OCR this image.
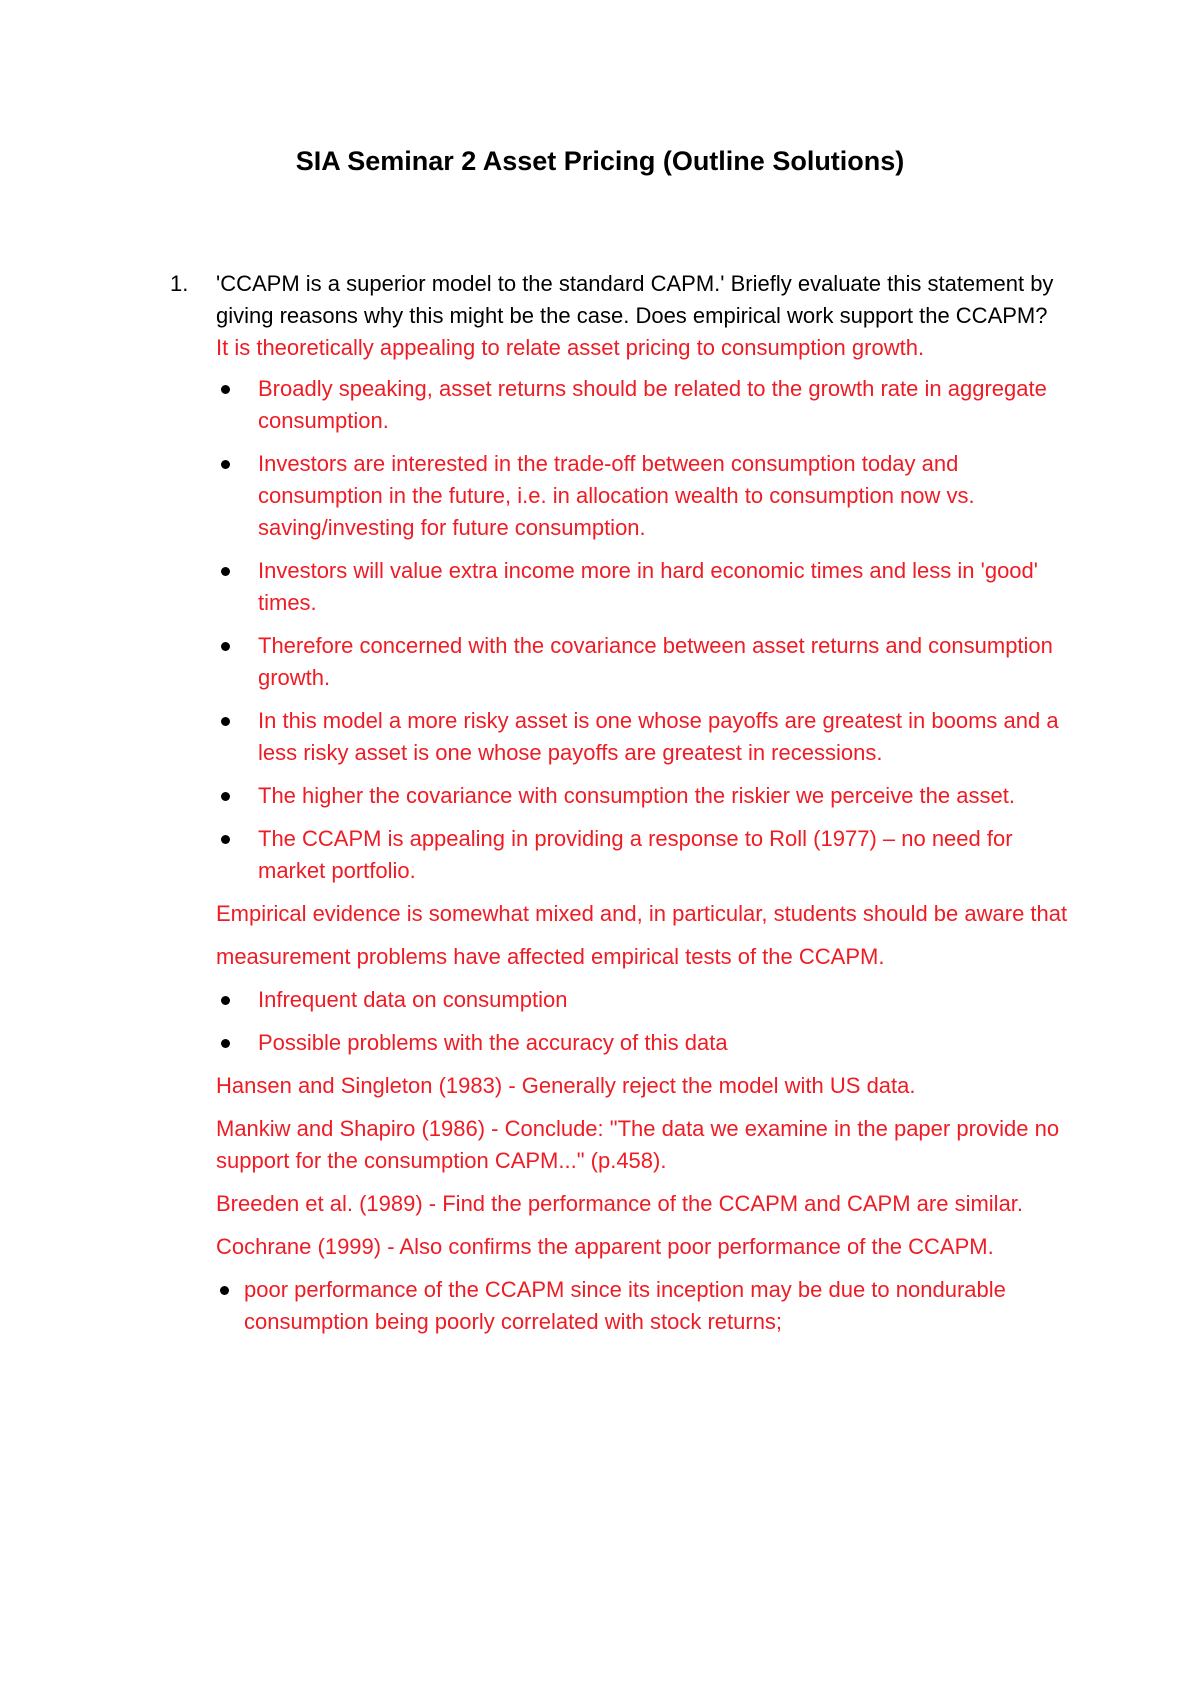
SIA Seminar 2 Asset Pricing (Outline Solutions)
1. 'CCAPM is a superior model to the standard CAPM.' Briefly evaluate this statement by giving reasons why this might be the case. Does empirical work support the CCAPM?

It is theoretically appealing to relate asset pricing to consumption growth.

Broadly speaking, asset returns should be related to the growth rate in aggregate consumption.
Investors are interested in the trade-off between consumption today and consumption in the future, i.e. in allocation wealth to consumption now vs. saving/investing for future consumption.
Investors will value extra income more in hard economic times and less in 'good' times.
Therefore concerned with the covariance between asset returns and consumption growth.
In this model a more risky asset is one whose payoffs are greatest in booms and a less risky asset is one whose payoffs are greatest in recessions.
The higher the covariance with consumption the riskier we perceive the asset.
The CCAPM is appealing in providing a response to Roll (1977) – no need for market portfolio.

Empirical evidence is somewhat mixed and, in particular, students should be aware that

measurement problems have affected empirical tests of the CCAPM.

Infrequent data on consumption
Possible problems with the accuracy of this data

Hansen and Singleton (1983) - Generally reject the model with US data.

Mankiw and Shapiro (1986) - Conclude: "The data we examine in the paper provide no support for the consumption CAPM..." (p.458).

Breeden et al. (1989) - Find the performance of the CCAPM and CAPM are similar.

Cochrane (1999) - Also confirms the apparent poor performance of the CCAPM.

poor performance of the CCAPM since its inception may be due to nondurable consumption being poorly correlated with stock returns;
